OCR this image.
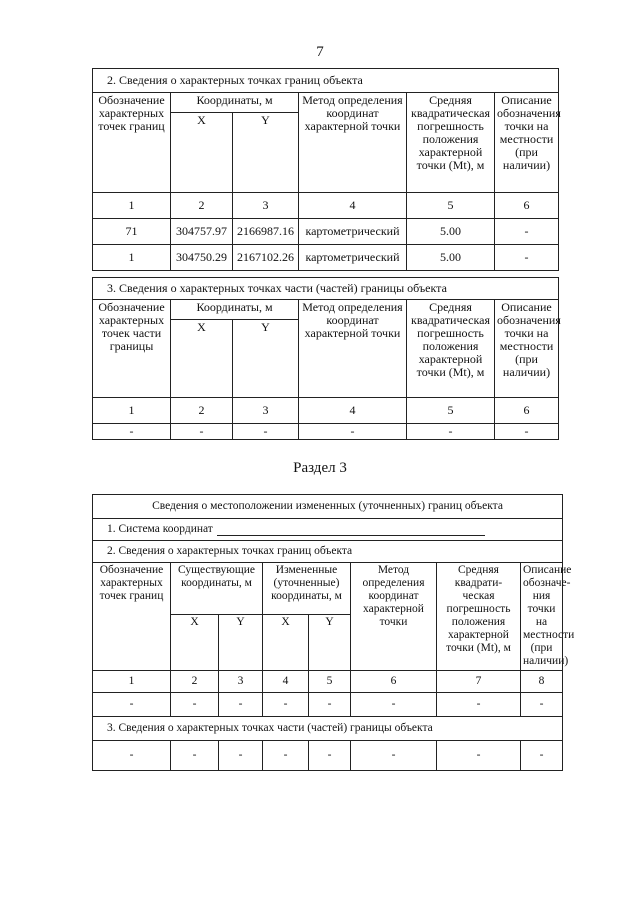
7
2. Сведения о характерных точках границ объекта					
Обозначение характерных точек границ	Координаты, м		Метод определения координат характерной точки	Средняя квадратическая погрешность положения характерной точки (Mt), м	Описание обозначения точки на местности (при наличии)
	X	Y			
1	2	3	4	5	6
71	304757.97	2166987.16	картометрический	5.00	-
1	304750.29	2167102.26	картометрический	5.00	-
3. Сведения о характерных точках части (частей) границы объекта					
Обозначение характерных точек части границы	Координаты, м		Метод определения координат характерной точки	Средняя квадратическая погрешность положения характерной точки (Mt), м	Описание обозначения точки на местности (при наличии)
	X	Y			
1	2	3	4	5	6
-	-	-	-	-	-
Раздел 3
Сведения о местоположении измененных (уточненных) границ объекта							
1. Система координат							
2. Сведения о характерных точках границ объекта							
Обозначение характерных точек границ	Существующие координаты, м		Измененные (уточненные) координаты, м		Метод определения координат характерной точки	Средняя квадрати-ческая погрешность положения характерной точки (Mt), м	Описание обозначе-ния точки на местности (при наличии)
	X	Y	X	Y			
1	2	3	4	5	6	7	8
-	-	-	-	-	-	-	-
3. Сведения о характерных точках части (частей) границы объекта							
-	-	-	-	-	-	-	-
